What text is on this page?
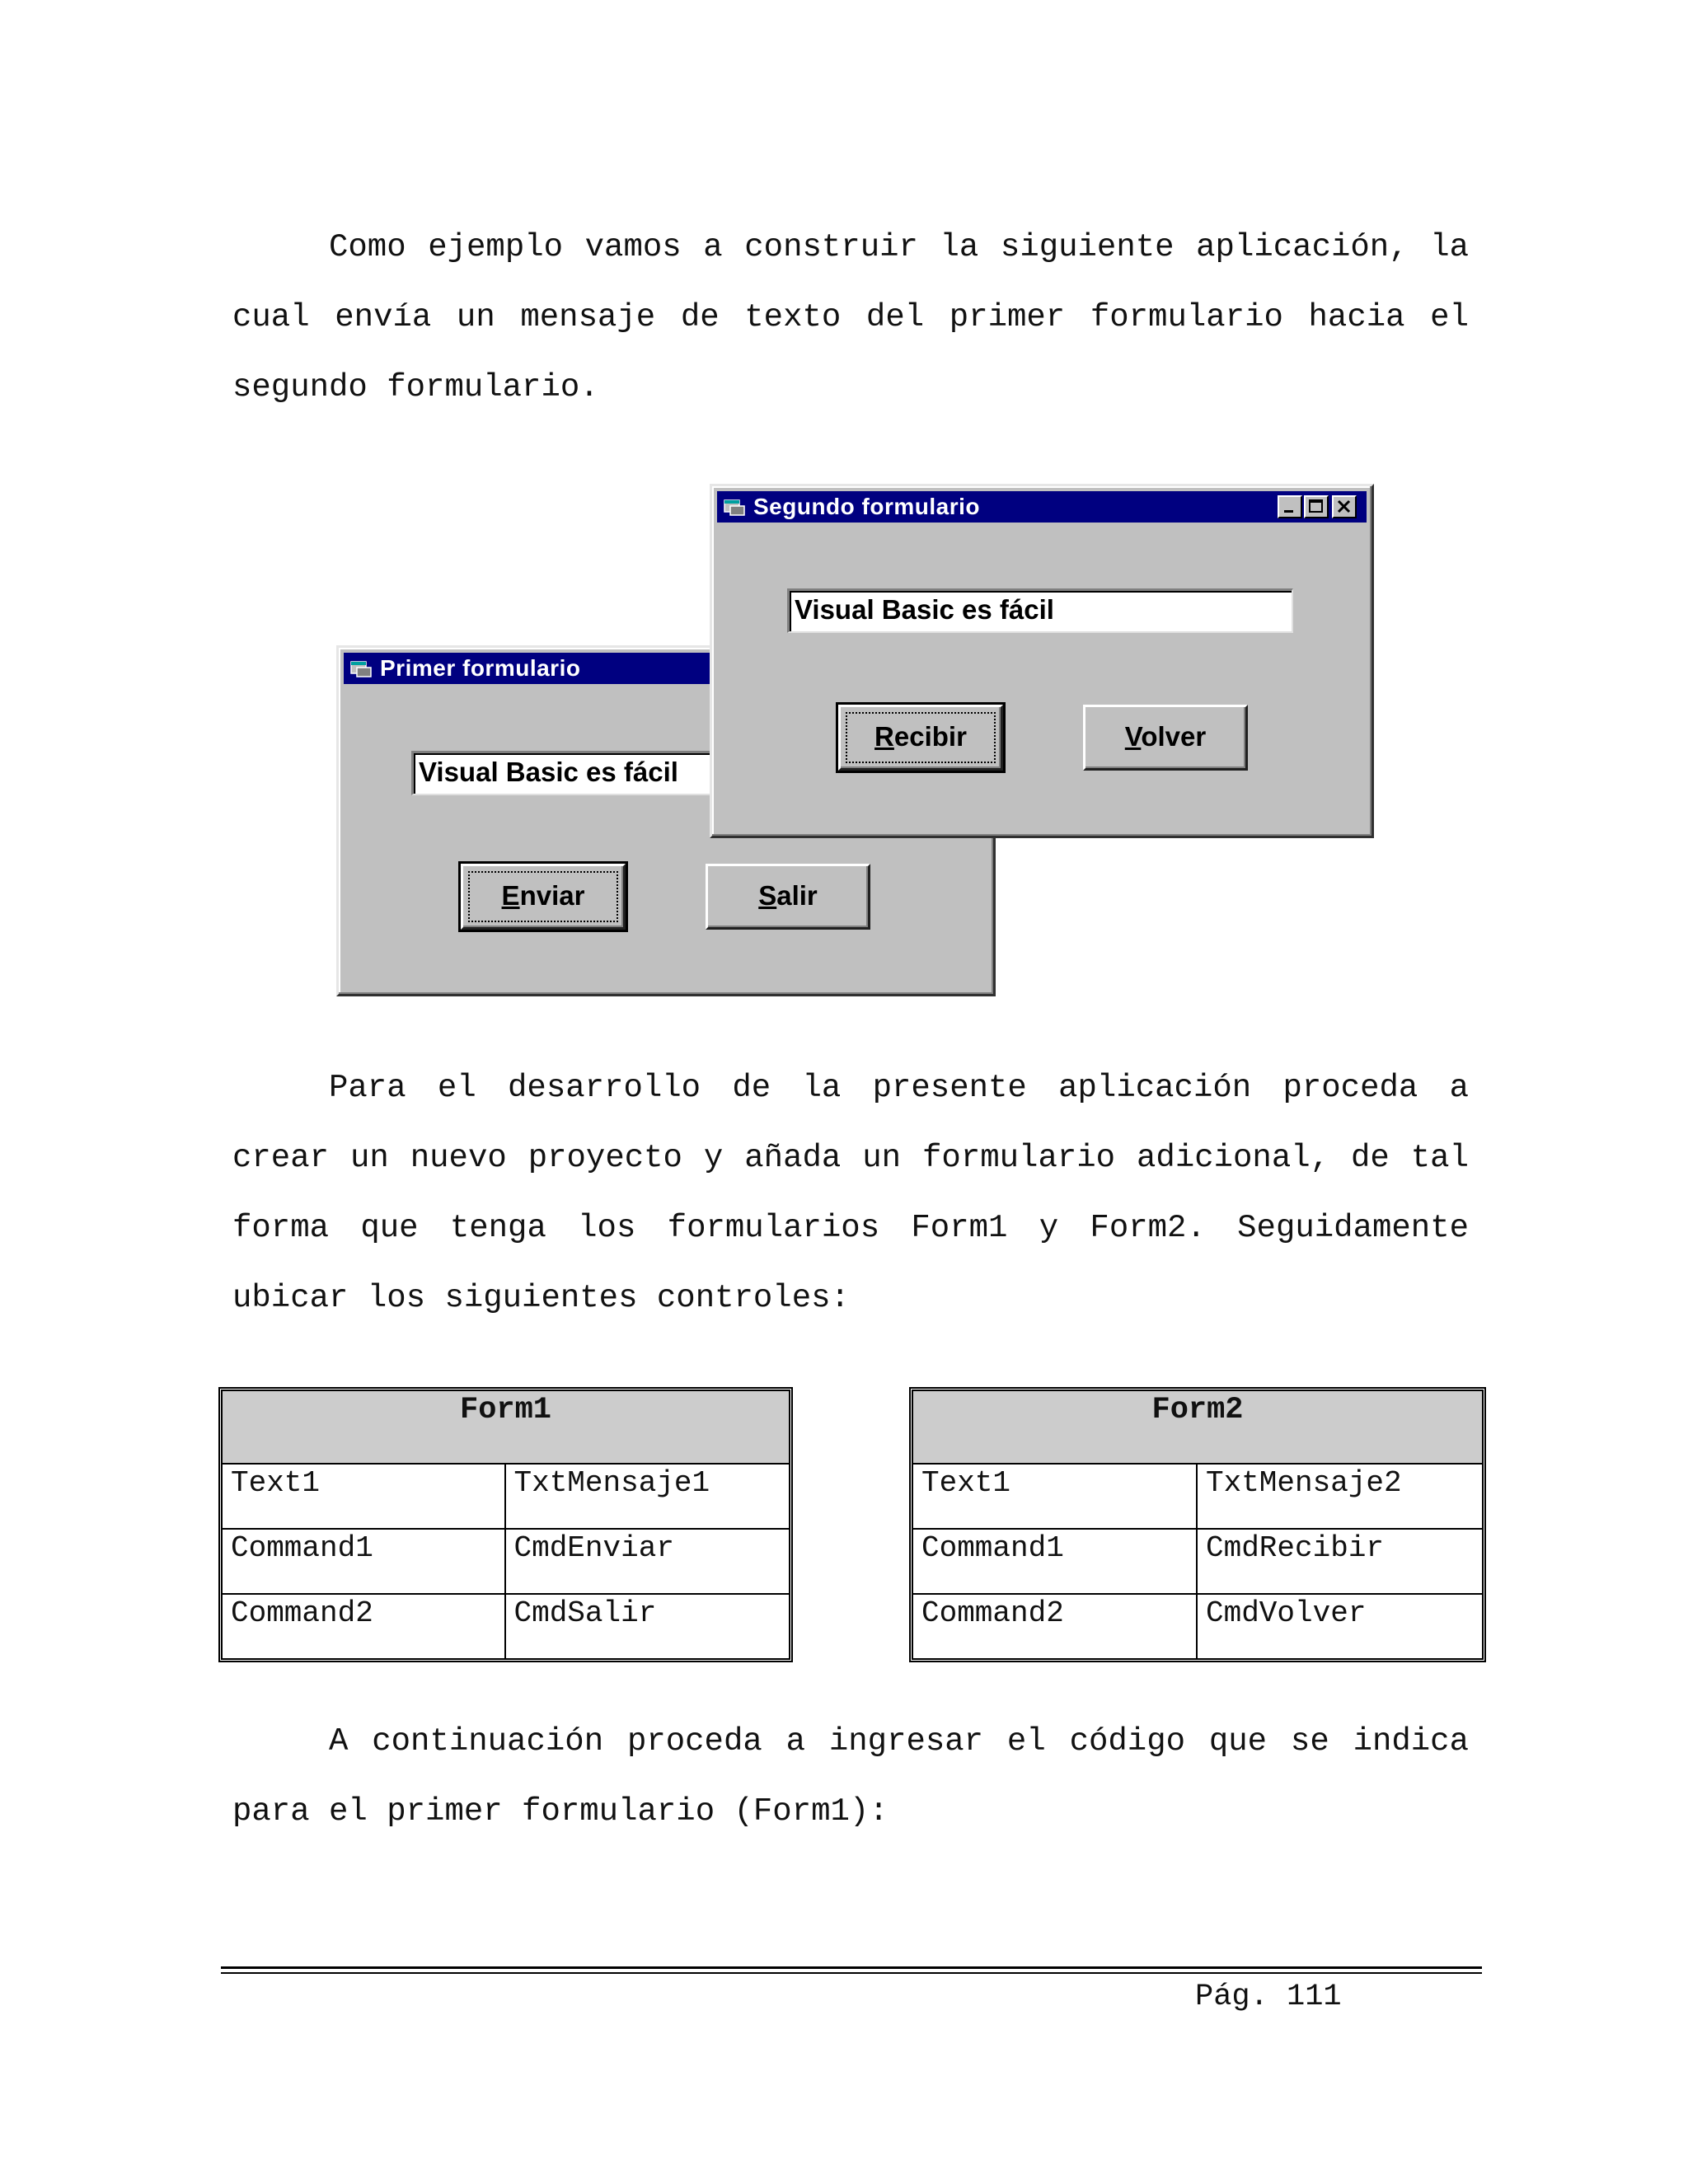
Como ejemplo vamos a construir la siguiente aplicación, la
cual envía un mensaje de texto del primer formulario hacia el
segundo formulario.
Primer formulario
Visual Basic es fácil
Enviar	Salir
Segundo formulario
Visual Basic es fácil
Recibir	Volver
Para el desarrollo de la presente aplicación proceda a
crear un nuevo proyecto y añada un formulario adicional, de tal
forma que tenga los formularios Form1 y Form2. Seguidamente
ubicar los siguientes controles:
Form1	
Text1	TxtMensaje1
Command1	CmdEnviar
Command2	CmdSalir
Form2	
Text1	TxtMensaje2
Command1	CmdRecibir
Command2	CmdVolver
A continuación proceda a ingresar el código que se indica
para el primer formulario (Form1):
Pág. 111
